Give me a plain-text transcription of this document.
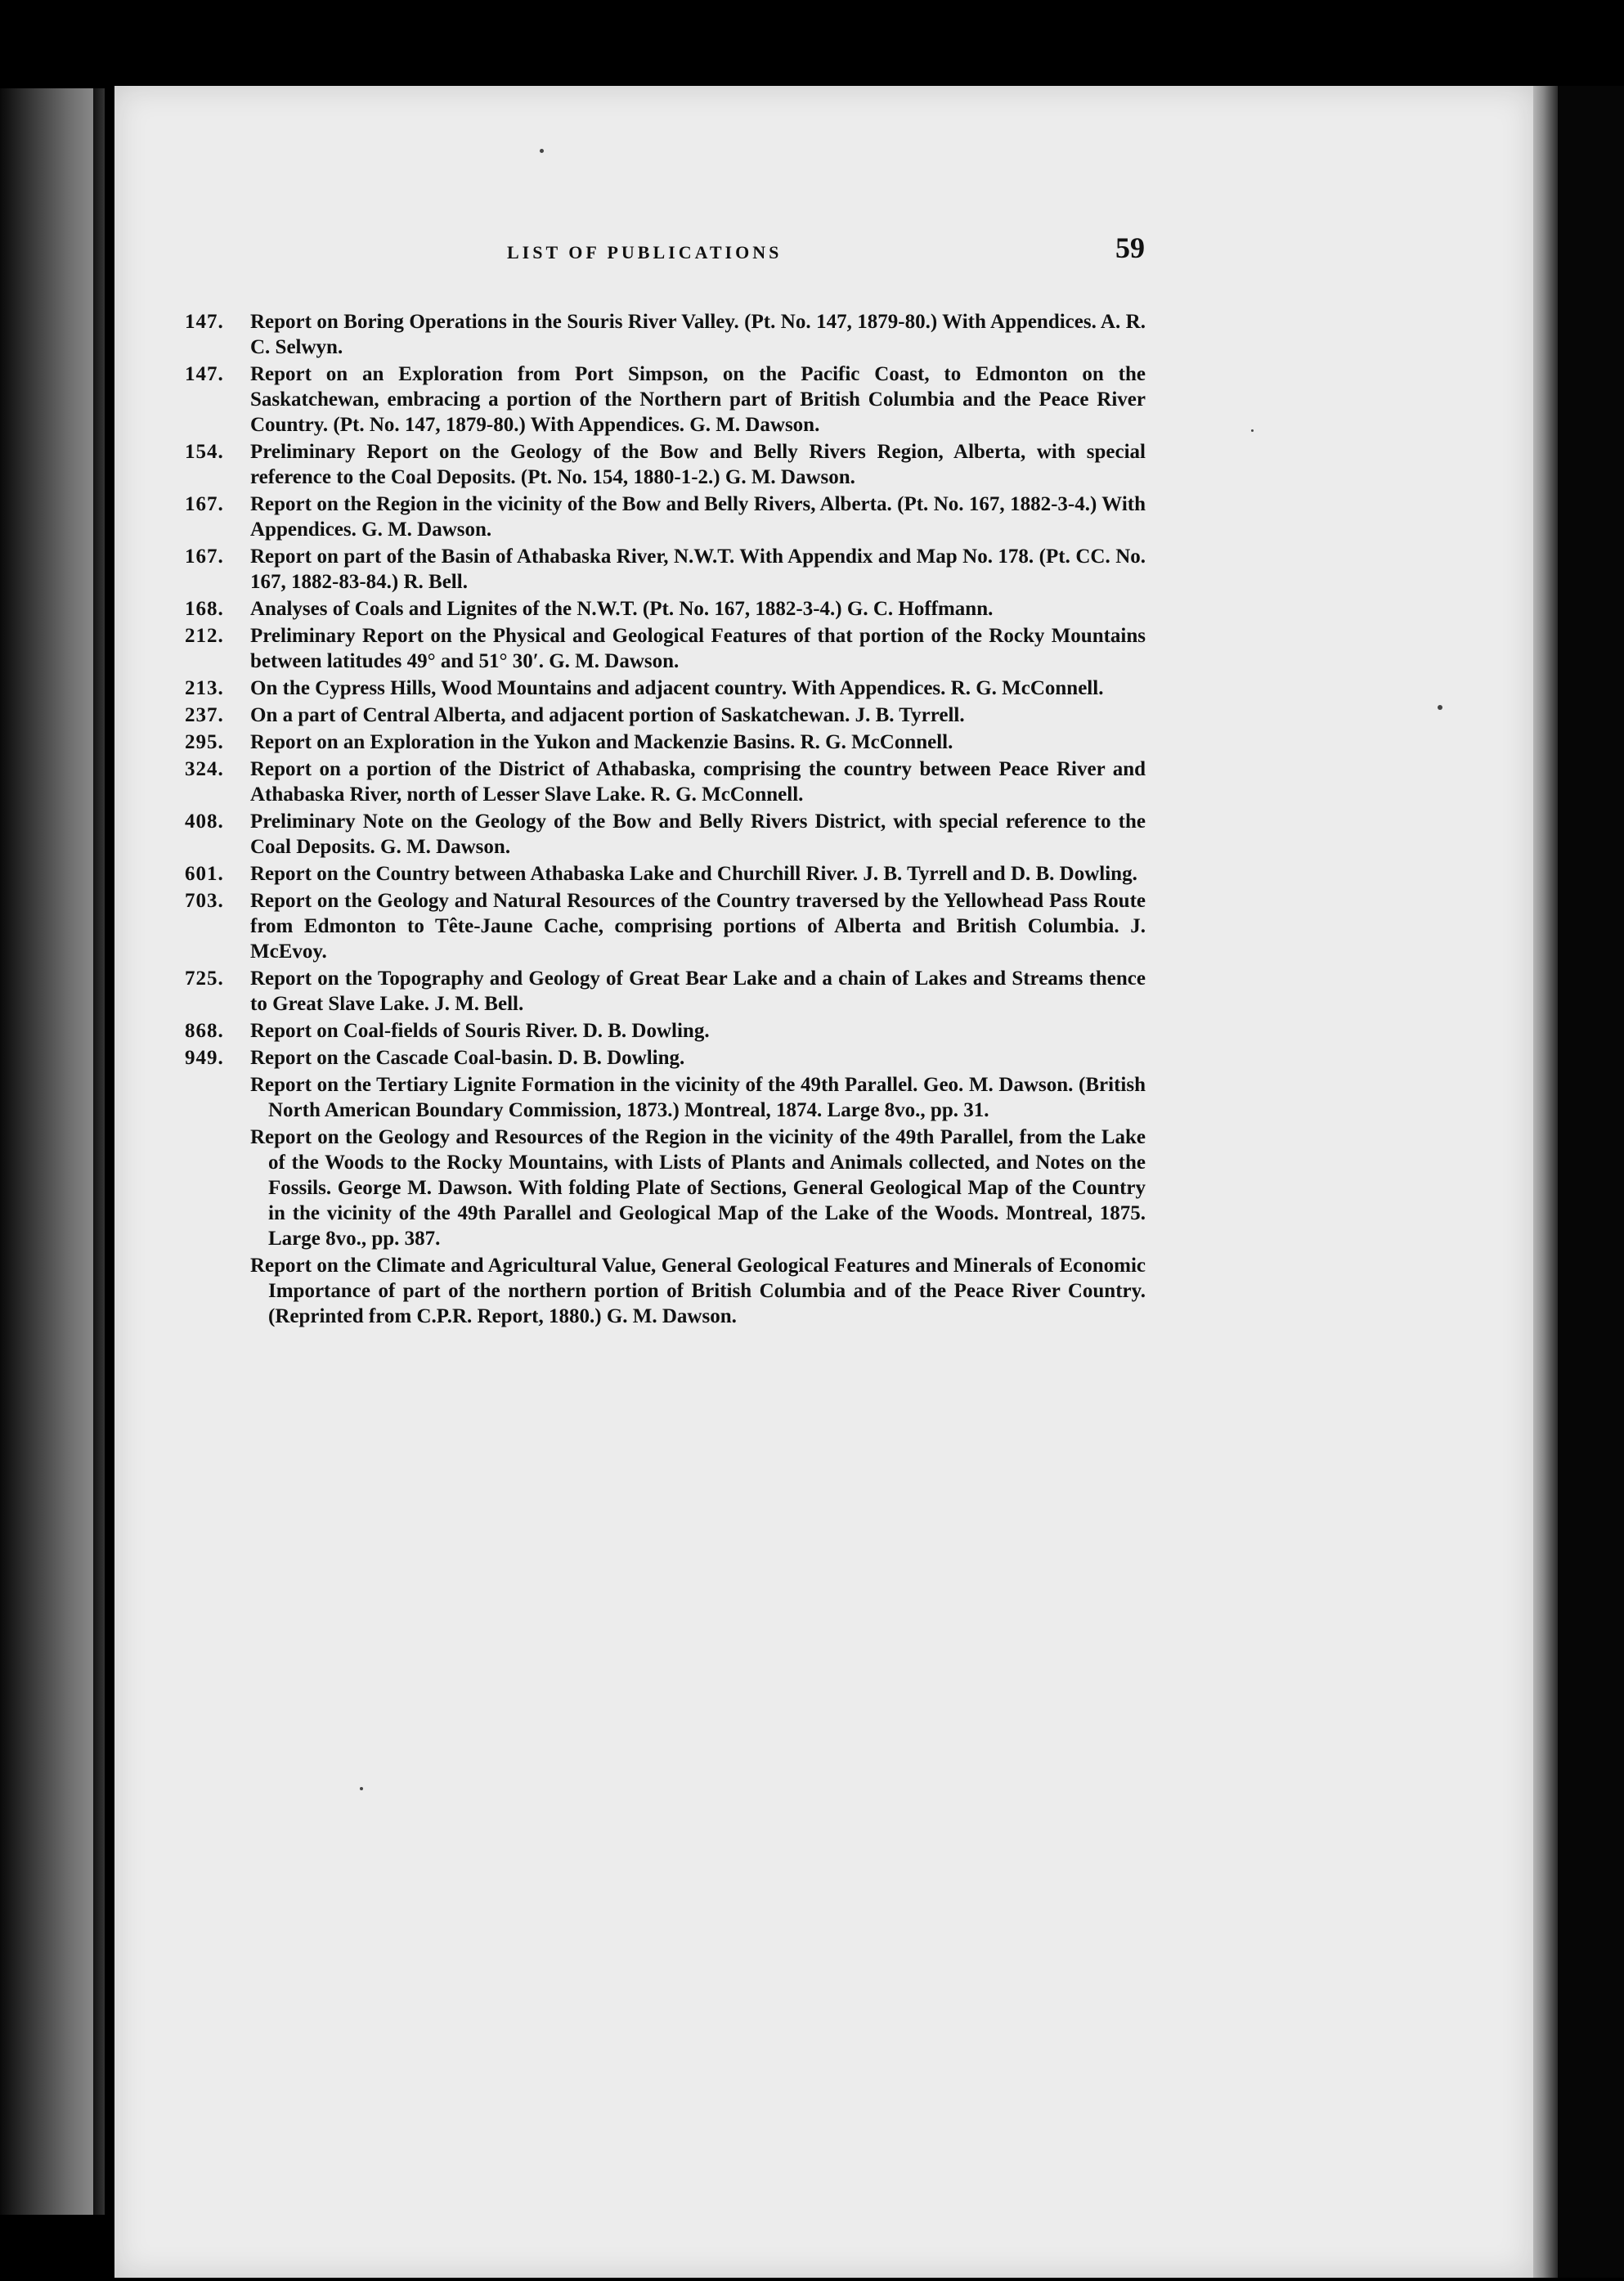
LIST OF PUBLICATIONS	59
147.	Report on Boring Operations in the Souris River Valley. (Pt. No. 147, 1879-80.) With Appendices. A. R. C. Selwyn.
147.	Report on an Exploration from Port Simpson, on the Pacific Coast, to Edmonton on the Saskatchewan, embracing a portion of the Northern part of British Columbia and the Peace River Country. (Pt. No. 147, 1879-80.) With Appendices. G. M. Dawson.
154.	Preliminary Report on the Geology of the Bow and Belly Rivers Region, Alberta, with special reference to the Coal Deposits. (Pt. No. 154, 1880-1-2.) G. M. Dawson.
167.	Report on the Region in the vicinity of the Bow and Belly Rivers, Alberta. (Pt. No. 167, 1882-3-4.) With Appendices. G. M. Dawson.
167.	Report on part of the Basin of Athabaska River, N.W.T. With Appendix and Map No. 178. (Pt. CC. No. 167, 1882-83-84.) R. Bell.
168.	Analyses of Coals and Lignites of the N.W.T. (Pt. No. 167, 1882-3-4.) G. C. Hoffmann.
212.	Preliminary Report on the Physical and Geological Features of that portion of the Rocky Mountains between latitudes 49° and 51° 30′. G. M. Dawson.
213.	On the Cypress Hills, Wood Mountains and adjacent country. With Appendices. R. G. McConnell.
237.	On a part of Central Alberta, and adjacent portion of Saskatchewan. J. B. Tyrrell.
295.	Report on an Exploration in the Yukon and Mackenzie Basins. R. G. McConnell.
324.	Report on a portion of the District of Athabaska, comprising the country between Peace River and Athabaska River, north of Lesser Slave Lake. R. G. McConnell.
408.	Preliminary Note on the Geology of the Bow and Belly Rivers District, with special reference to the Coal Deposits. G. M. Dawson.
601.	Report on the Country between Athabaska Lake and Churchill River. J. B. Tyrrell and D. B. Dowling.
703.	Report on the Geology and Natural Resources of the Country traversed by the Yellowhead Pass Route from Edmonton to Tête-Jaune Cache, comprising portions of Alberta and British Columbia. J. McEvoy.
725.	Report on the Topography and Geology of Great Bear Lake and a chain of Lakes and Streams thence to Great Slave Lake. J. M. Bell.
868.	Report on Coal-fields of Souris River. D. B. Dowling.
949.	Report on the Cascade Coal-basin. D. B. Dowling.
Report on the Tertiary Lignite Formation in the vicinity of the 49th Parallel. Geo. M. Dawson. (British North American Boundary Commission, 1873.) Montreal, 1874. Large 8vo., pp. 31.
Report on the Geology and Resources of the Region in the vicinity of the 49th Parallel, from the Lake of the Woods to the Rocky Mountains, with Lists of Plants and Animals collected, and Notes on the Fossils. George M. Dawson. With folding Plate of Sections, General Geological Map of the Country in the vicinity of the 49th Parallel and Geological Map of the Lake of the Woods. Montreal, 1875. Large 8vo., pp. 387.
Report on the Climate and Agricultural Value, General Geological Features and Minerals of Economic Importance of part of the northern portion of British Columbia and of the Peace River Country. (Reprinted from C.P.R. Report, 1880.) G. M. Dawson.
